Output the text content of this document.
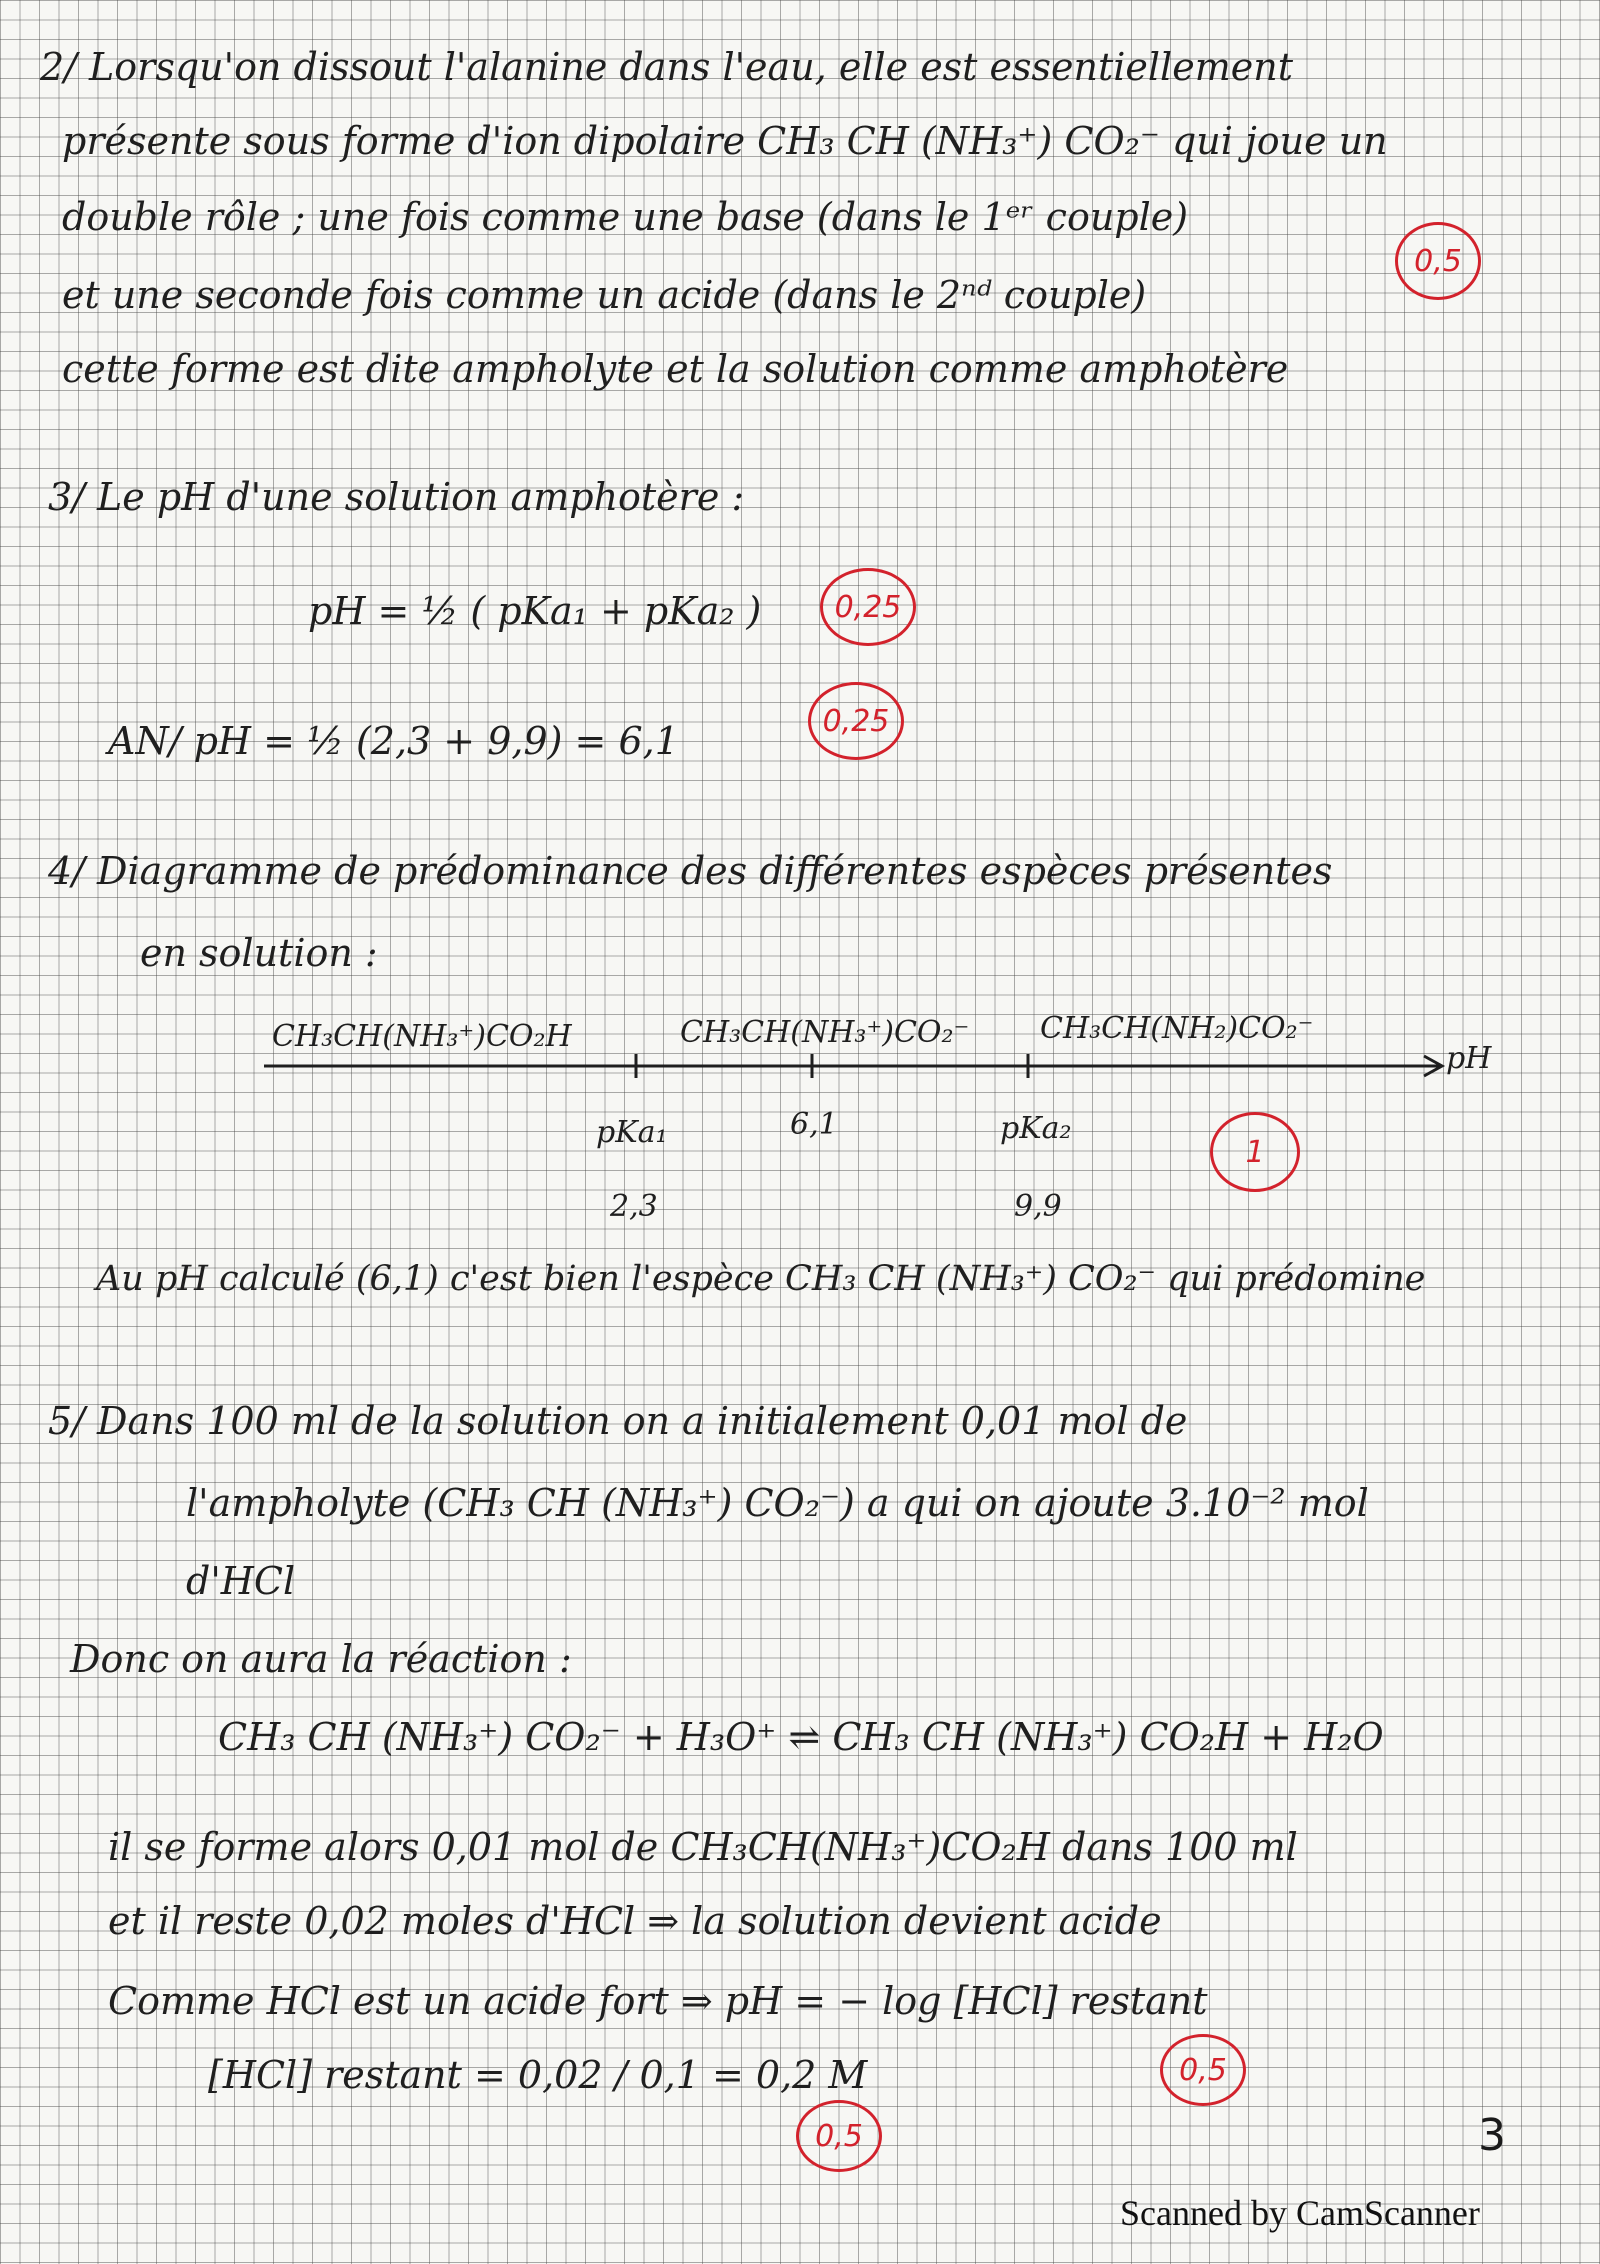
2/ Lorsqu'on dissout l'alanine dans l'eau, elle est essentiellement
présente sous forme d'ion dipolaire CH₃ CH (NH₃⁺) CO₂⁻ qui joue un
double rôle ; une fois comme une base (dans le 1ᵉʳ couple)
et une seconde fois comme un acide (dans le 2ⁿᵈ couple)
cette forme est dite ampholyte et la solution comme amphotère
0,5
3/ Le pH d'une solution amphotère :
pH = ½ ( pKa₁ + pKa₂ )	0,25
AN/ pH = ½ (2,3 + 9,9) = 6,1	0,25
4/ Diagramme de prédominance des différentes espèces présentes
en solution :
CH₃CH(NH₃⁺)CO₂H	CH₃CH(NH₃⁺)CO₂⁻ CH₃CH(NH₂)CO₂⁻
pH
pKa₁
2,3
6,1	pKa₂
9,9
1
Au pH calculé (6,1) c'est bien l'espèce CH₃ CH (NH₃⁺) CO₂⁻ qui prédomine
5/ Dans 100 ml de la solution on a initialement 0,01 mol de
l'ampholyte (CH₃ CH (NH₃⁺) CO₂⁻) a qui on ajoute 3.10⁻² mol
d'HCl
Donc on aura la réaction :
CH₃ CH (NH₃⁺) CO₂⁻ + H₃O⁺ ⇌ CH₃ CH (NH₃⁺) CO₂H + H₂O
il se forme alors 0,01 mol de CH₃CH(NH₃⁺)CO₂H dans 100 ml
et il reste 0,02 moles d'HCl ⇒ la solution devient acide
Comme HCl est un acide fort ⇒ pH = − log [HCl] restant
[HCl] restant = 0,02 / 0,1 = 0,2 M	0,5
0,5	3
Scanned by CamScanner
